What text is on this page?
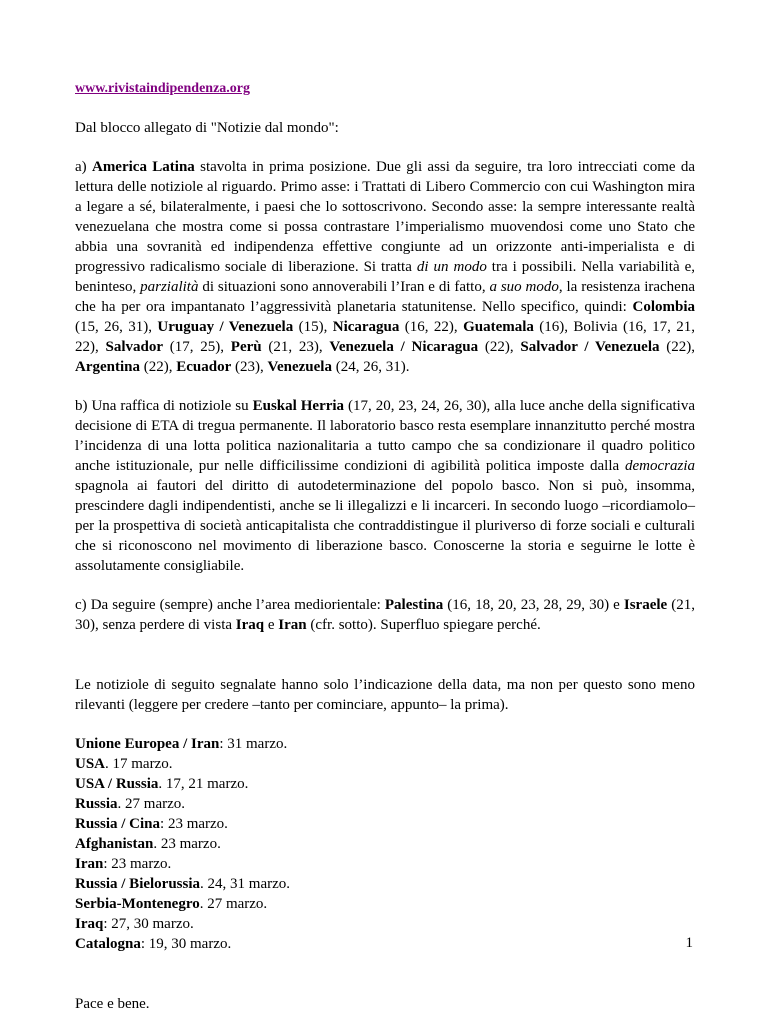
www.rivistaindipendenza.org

Dal blocco allegato di "Notizie dal mondo":

a) America Latina stavolta in prima posizione. Due gli assi da seguire, tra loro intrecciati come da lettura delle notiziole al riguardo. Primo asse: i Trattati di Libero Commercio con cui Washington mira a legare a sé, bilateralmente, i paesi che lo sottoscrivono. Secondo asse: la sempre interessante realtà venezuelana che mostra come si possa contrastare l’imperialismo muovendosi come uno Stato che abbia una sovranità ed indipendenza effettive congiunte ad un orizzonte anti-imperialista e di progressivo radicalismo sociale di liberazione. Si tratta di un modo tra i possibili. Nella variabilità e, beninteso, parzialità di situazioni sono annoverabili l’Iran e di fatto, a suo modo, la resistenza irachena che ha per ora impantanato l’aggressività planetaria statunitense. Nello specifico, quindi: Colombia (15, 26, 31), Uruguay / Venezuela (15), Nicaragua (16, 22), Guatemala (16), Bolivia (16, 17, 21, 22), Salvador (17, 25), Perù (21, 23), Venezuela / Nicaragua (22), Salvador / Venezuela (22), Argentina (22), Ecuador (23), Venezuela (24, 26, 31).

b) Una raffica di notiziole su Euskal Herria (17, 20, 23, 24, 26, 30), alla luce anche della significativa decisione di ETA di tregua permanente. Il laboratorio basco resta esemplare innanzitutto perché mostra l’incidenza di una lotta politica nazionalitaria a tutto campo che sa condizionare il quadro politico anche istituzionale, pur nelle difficilissime condizioni di agibilità politica imposte dalla democrazia spagnola ai fautori del diritto di autodeterminazione del popolo basco. Non si può, insomma, prescindere dagli indipendentisti, anche se li illegalizzi e li incarceri. In secondo luogo –ricordiamolo– per la prospettiva di società anticapitalista che contraddistingue il pluriverso di forze sociali e culturali che si riconoscono nel movimento di liberazione basco. Conoscerne la storia e seguirne le lotte è assolutamente consigliabile.

c) Da seguire (sempre) anche l’area mediorientale: Palestina (16, 18, 20, 23, 28, 29, 30) e Israele (21, 30), senza perdere di vista Iraq e Iran (cfr. sotto). Superfluo spiegare perché.

Le notiziole di seguito segnalate hanno solo l’indicazione della data, ma non per questo sono meno rilevanti (leggere per credere –tanto per cominciare, appunto– la prima).

Unione Europea / Iran: 31 marzo.

USA. 17 marzo.

USA / Russia. 17, 21 marzo.

Russia. 27 marzo.

Russia / Cina: 23 marzo.

Afghanistan. 23 marzo.

Iran: 23 marzo.

Russia / Bielorussia. 24, 31 marzo.

Serbia-Montenegro. 27 marzo.

Iraq: 27, 30 marzo.

Catalogna: 19, 30 marzo.

Pace e bene.

1
